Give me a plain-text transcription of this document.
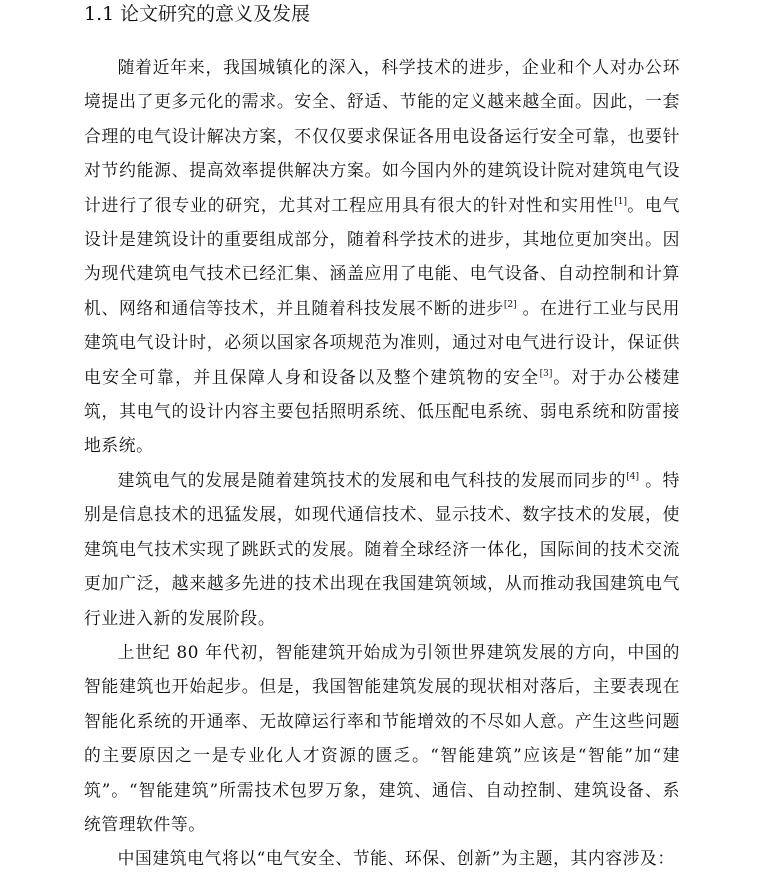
1.1 论文研究的意义及发展

随着近年来，我国城镇化的深入，科学技术的进步，企业和个人对办公环境提出了更多元化的需求。安全、舒适、节能的定义越来越全面。因此，一套合理的电气设计解决方案，不仅仅要求保证各用电设备运行安全可靠，也要针对节约能源、提高效率提供解决方案。如今国内外的建筑设计院对建筑电气设计进行了很专业的研究，尤其对工程应用具有很大的针对性和实用性[1]。电气设计是建筑设计的重要组成部分，随着科学技术的进步，其地位更加突出。因为现代建筑电气技术已经汇集、涵盖应用了电能、电气设备、自动控制和计算机、网络和通信等技术，并且随着科技发展不断的进步[2] 。在进行工业与民用建筑电气设计时，必须以国家各项规范为准则，通过对电气进行设计，保证供电安全可靠，并且保障人身和设备以及整个建筑物的安全[3]。对于办公楼建筑，其电气的设计内容主要包括照明系统、低压配电系统、弱电系统和防雷接地系统。

建筑电气的发展是随着建筑技术的发展和电气科技的发展而同步的[4] 。特别是信息技术的迅猛发展，如现代通信技术、显示技术、数字技术的发展，使建筑电气技术实现了跳跃式的发展。随着全球经济一体化，国际间的技术交流更加广泛，越来越多先进的技术出现在我国建筑领域，从而推动我国建筑电气行业进入新的发展阶段。

上世纪 80 年代初，智能建筑开始成为引领世界建筑发展的方向，中国的智能建筑也开始起步。但是，我国智能建筑发展的现状相对落后，主要表现在智能化系统的开通率、无故障运行率和节能增效的不尽如人意。产生这些问题的主要原因之一是专业化人才资源的匮乏。“智能建筑”应该是“智能”加“建筑”。“智能建筑”所需技术包罗万象，建筑、通信、自动控制、建筑设备、系统管理软件等。

中国建筑电气将以“电气安全、节能、环保、创新”为主题，其内容涉及：
